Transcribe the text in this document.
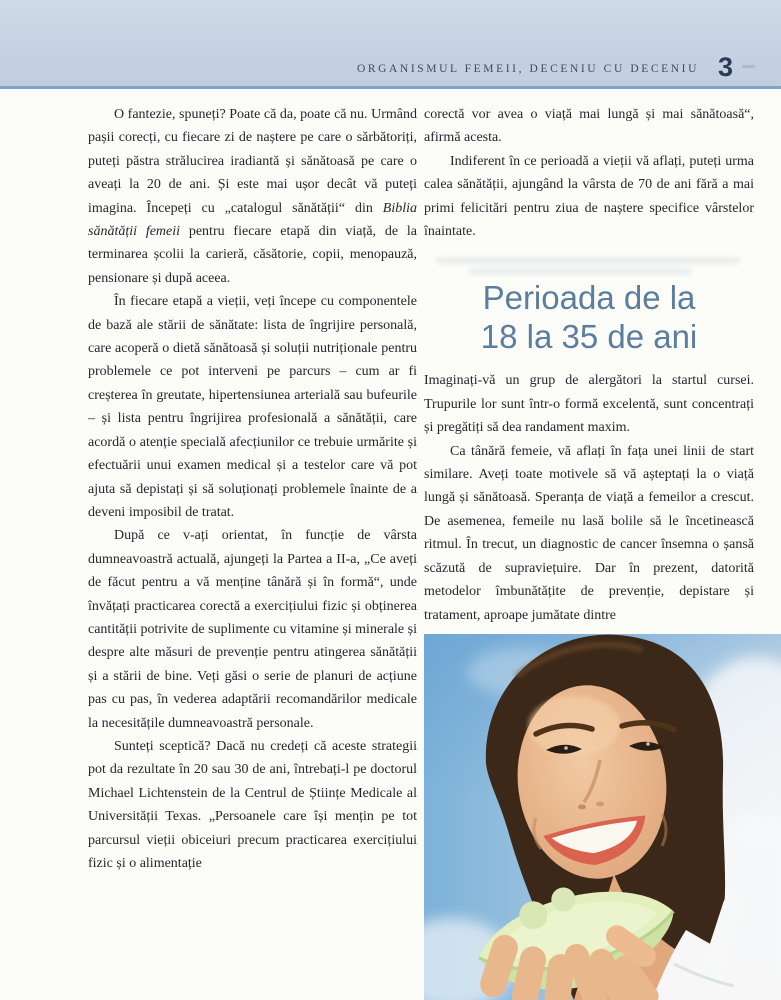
ORGANISMUL FEMEII, DECENIU CU DECENIU 3

O fantezie, spuneți? Poate că da, poate că nu. Urmând pașii corecți, cu fiecare zi de naștere pe care o sărbătoriți, puteți păstra strălucirea iradiantă și sănătoasă pe care o aveați la 20 de ani. Și este mai ușor decât vă puteți imagina. Începeți cu „catalogul sănătății“ din Biblia sănătății femeii pentru fiecare etapă din viață, de la terminarea școlii la carieră, căsătorie, copii, menopauză, pensionare și după aceea.

În fiecare etapă a vieții, veți începe cu componentele de bază ale stării de sănătate: lista de îngrijire personală, care acoperă o dietă sănătoasă și soluții nutriționale pentru problemele ce pot interveni pe parcurs – cum ar fi creșterea în greutate, hipertensiunea arterială sau bufeurile – și lista pentru îngrijirea profesională a sănătății, care acordă o atenție specială afecțiunilor ce trebuie urmărite și efectuării unui examen medical și a testelor care vă pot ajuta să depistați și să soluționați problemele înainte de a deveni imposibil de tratat.

După ce v-ați orientat, în funcție de vârsta dumneavoastră actuală, ajungeți la Partea a II-a, „Ce aveți de făcut pentru a vă menține tânără și în formă“, unde învățați practicarea corectă a exercițiului fizic și obținerea cantității potrivite de suplimente cu vitamine și minerale și despre alte măsuri de prevenție pentru atingerea sănătății și a stării de bine. Veți găsi o serie de planuri de acțiune pas cu pas, în vederea adaptării recomandărilor medicale la necesitățile dumneavoastră personale.

Sunteți sceptică? Dacă nu credeți că aceste strategii pot da rezultate în 20 sau 30 de ani, întrebați-l pe doctorul Michael Lichtenstein de la Centrul de Științe Medicale al Universității Texas. „Persoanele care își mențin pe tot parcursul vieții obiceiuri precum practicarea exercițiului fizic și o alimentație

corectă vor avea o viață mai lungă și mai sănătoasă“, afirmă acesta.

Indiferent în ce perioadă a vieții vă aflați, puteți urma calea sănătății, ajungând la vârsta de 70 de ani fără a mai primi felicitări pentru ziua de naștere specifice vârstelor înaintate.

Perioada de la
18 la 35 de ani

Imaginați-vă un grup de alergători la startul cursei. Trupurile lor sunt într-o formă excelentă, sunt concentrați și pregătiți să dea randament maxim.

Ca tânără femeie, vă aflați în fața unei linii de start similare. Aveți toate motivele să vă așteptați la o viață lungă și sănătoasă. Speranța de viață a femeilor a crescut. De asemenea, femeile nu lasă bolile să le încetinească ritmul. În trecut, un diagnostic de cancer însemna o șansă scăzută de supraviețuire. Dar în prezent, datorită metodelor îmbunătățite de prevenție, depistare și tratament, aproape jumătate dintre
